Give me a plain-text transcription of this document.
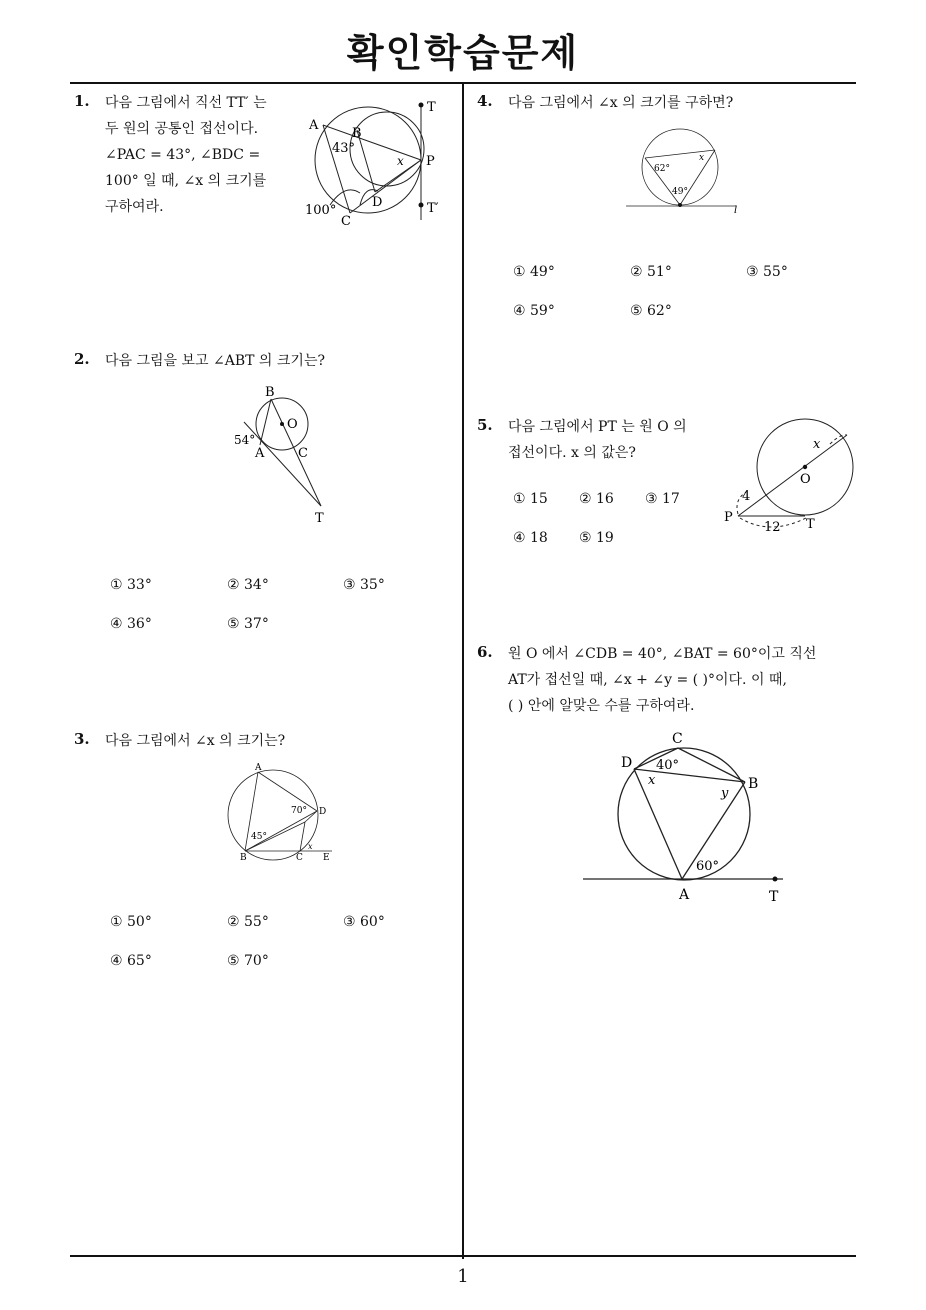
확인학습문제
1
1. 다음 그림에서 직선 TT′ 는
두 원의 공통인 접선이다.
∠PAC = 43°, ∠BDC =
100° 일 때, ∠x 의 크기를
구하여라.
A
B
43°
x P
T
T′
D
100°
C
2. 다음 그림을 보고 ∠ABT 의 크기는?
B
O
54°
A	C
T
① 33°	② 34°	③ 35°
④ 36°	⑤ 37°
3. 다음 그림에서 ∠x 의 크기는?
A
70° D
45°
x
B	C E
① 50°	② 55°	③ 60°
④ 65°	⑤ 70°
4. 다음 그림에서 ∠x 의 크기를 구하면?
62°
x
49°
l
① 49°	② 51°	③ 55°
④ 59°	⑤ 62°
5. 다음 그림에서 PT 는 원 O 의
접선이다. x 의 값은?
x
O
4
P
12 T
① 15 ② 16 ③ 17
④ 18 ⑤ 19
6. 원 O 에서 ∠CDB = 40°, ∠BAT = 60°이고 직선
AT가 접선일 때, ∠x + ∠y = ( )°이다. 이 때,
( ) 안에 알맞은 수를 구하여라.
C
D 40°
x	B
y
60°
A	T
